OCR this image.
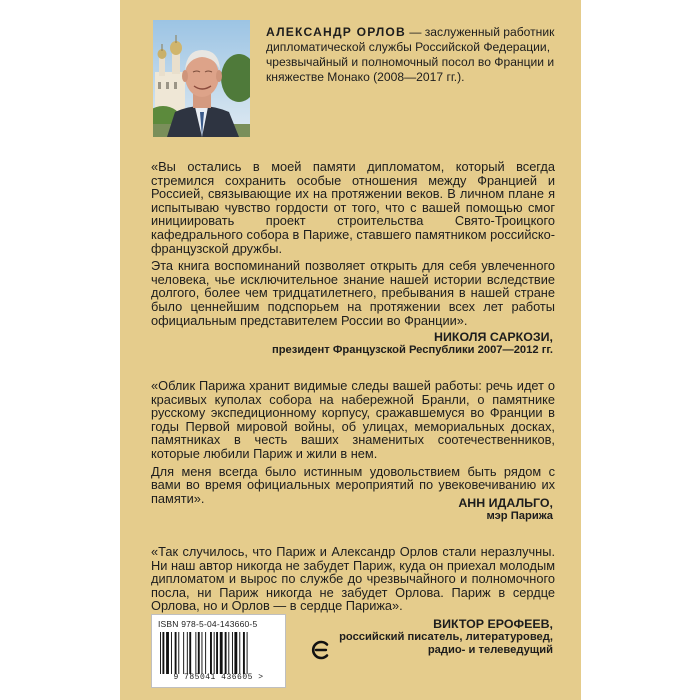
АЛЕКСАНДР ОРЛОВ — заслуженный работник дипломатической службы Российской Федерации, чрезвычайный и полномочный посол во Франции и княжестве Монако (2008—2017 гг.).

«Вы остались в моей памяти дипломатом, который всегда стремился сохранить особые отношения между Францией и Россией, связывающие их на протяжении веков. В личном плане я испытываю чувство гордости от того, что с вашей помощью смог инициировать проект строительства Свято-Троицкого кафедрального собора в Париже, ставшего памятником российско-французской дружбы.

Эта книга воспоминаний позволяет открыть для себя увлеченного человека, чье исключительное знание нашей истории вследствие долгого, более чем тридцатилетнего, пребывания в нашей стране было ценнейшим подспорьем на протяжении всех лет работы официальным представителем России во Франции».

НИКОЛЯ САРКОЗИ,
президент Французской Республики 2007—2012 гг.

«Облик Парижа хранит видимые следы вашей работы: речь идет о красивых куполах собора на набережной Бранли, о памятнике русскому экспедиционному корпусу, сражавшемуся во Франции в годы Первой мировой войны, об улицах, мемориальных досках, памятниках в честь ваших знаменитых соотечественников, которые любили Париж и жили в нем.

Для меня всегда было истинным удовольствием быть рядом с вами во время официальных мероприятий по увековечиванию их памяти».	АНН ИДАЛЬГО,
мэр Парижа

«Так случилось, что Париж и Александр Орлов стали неразлучны. Ни наш автор никогда не забудет Париж, куда он приехал молодым дипломатом и вырос по службе до чрезвычайного и полномочного посла, ни Париж никогда не забудет Орлова. Париж в сердце Орлова, но и Орлов — в сердце Парижа».

ВИКТОР ЕРОФЕЕВ,
российский писатель, литературовед,
радио- и телеведущий
ISBN 978-5-04-143660-5
9 785041 436605 >
